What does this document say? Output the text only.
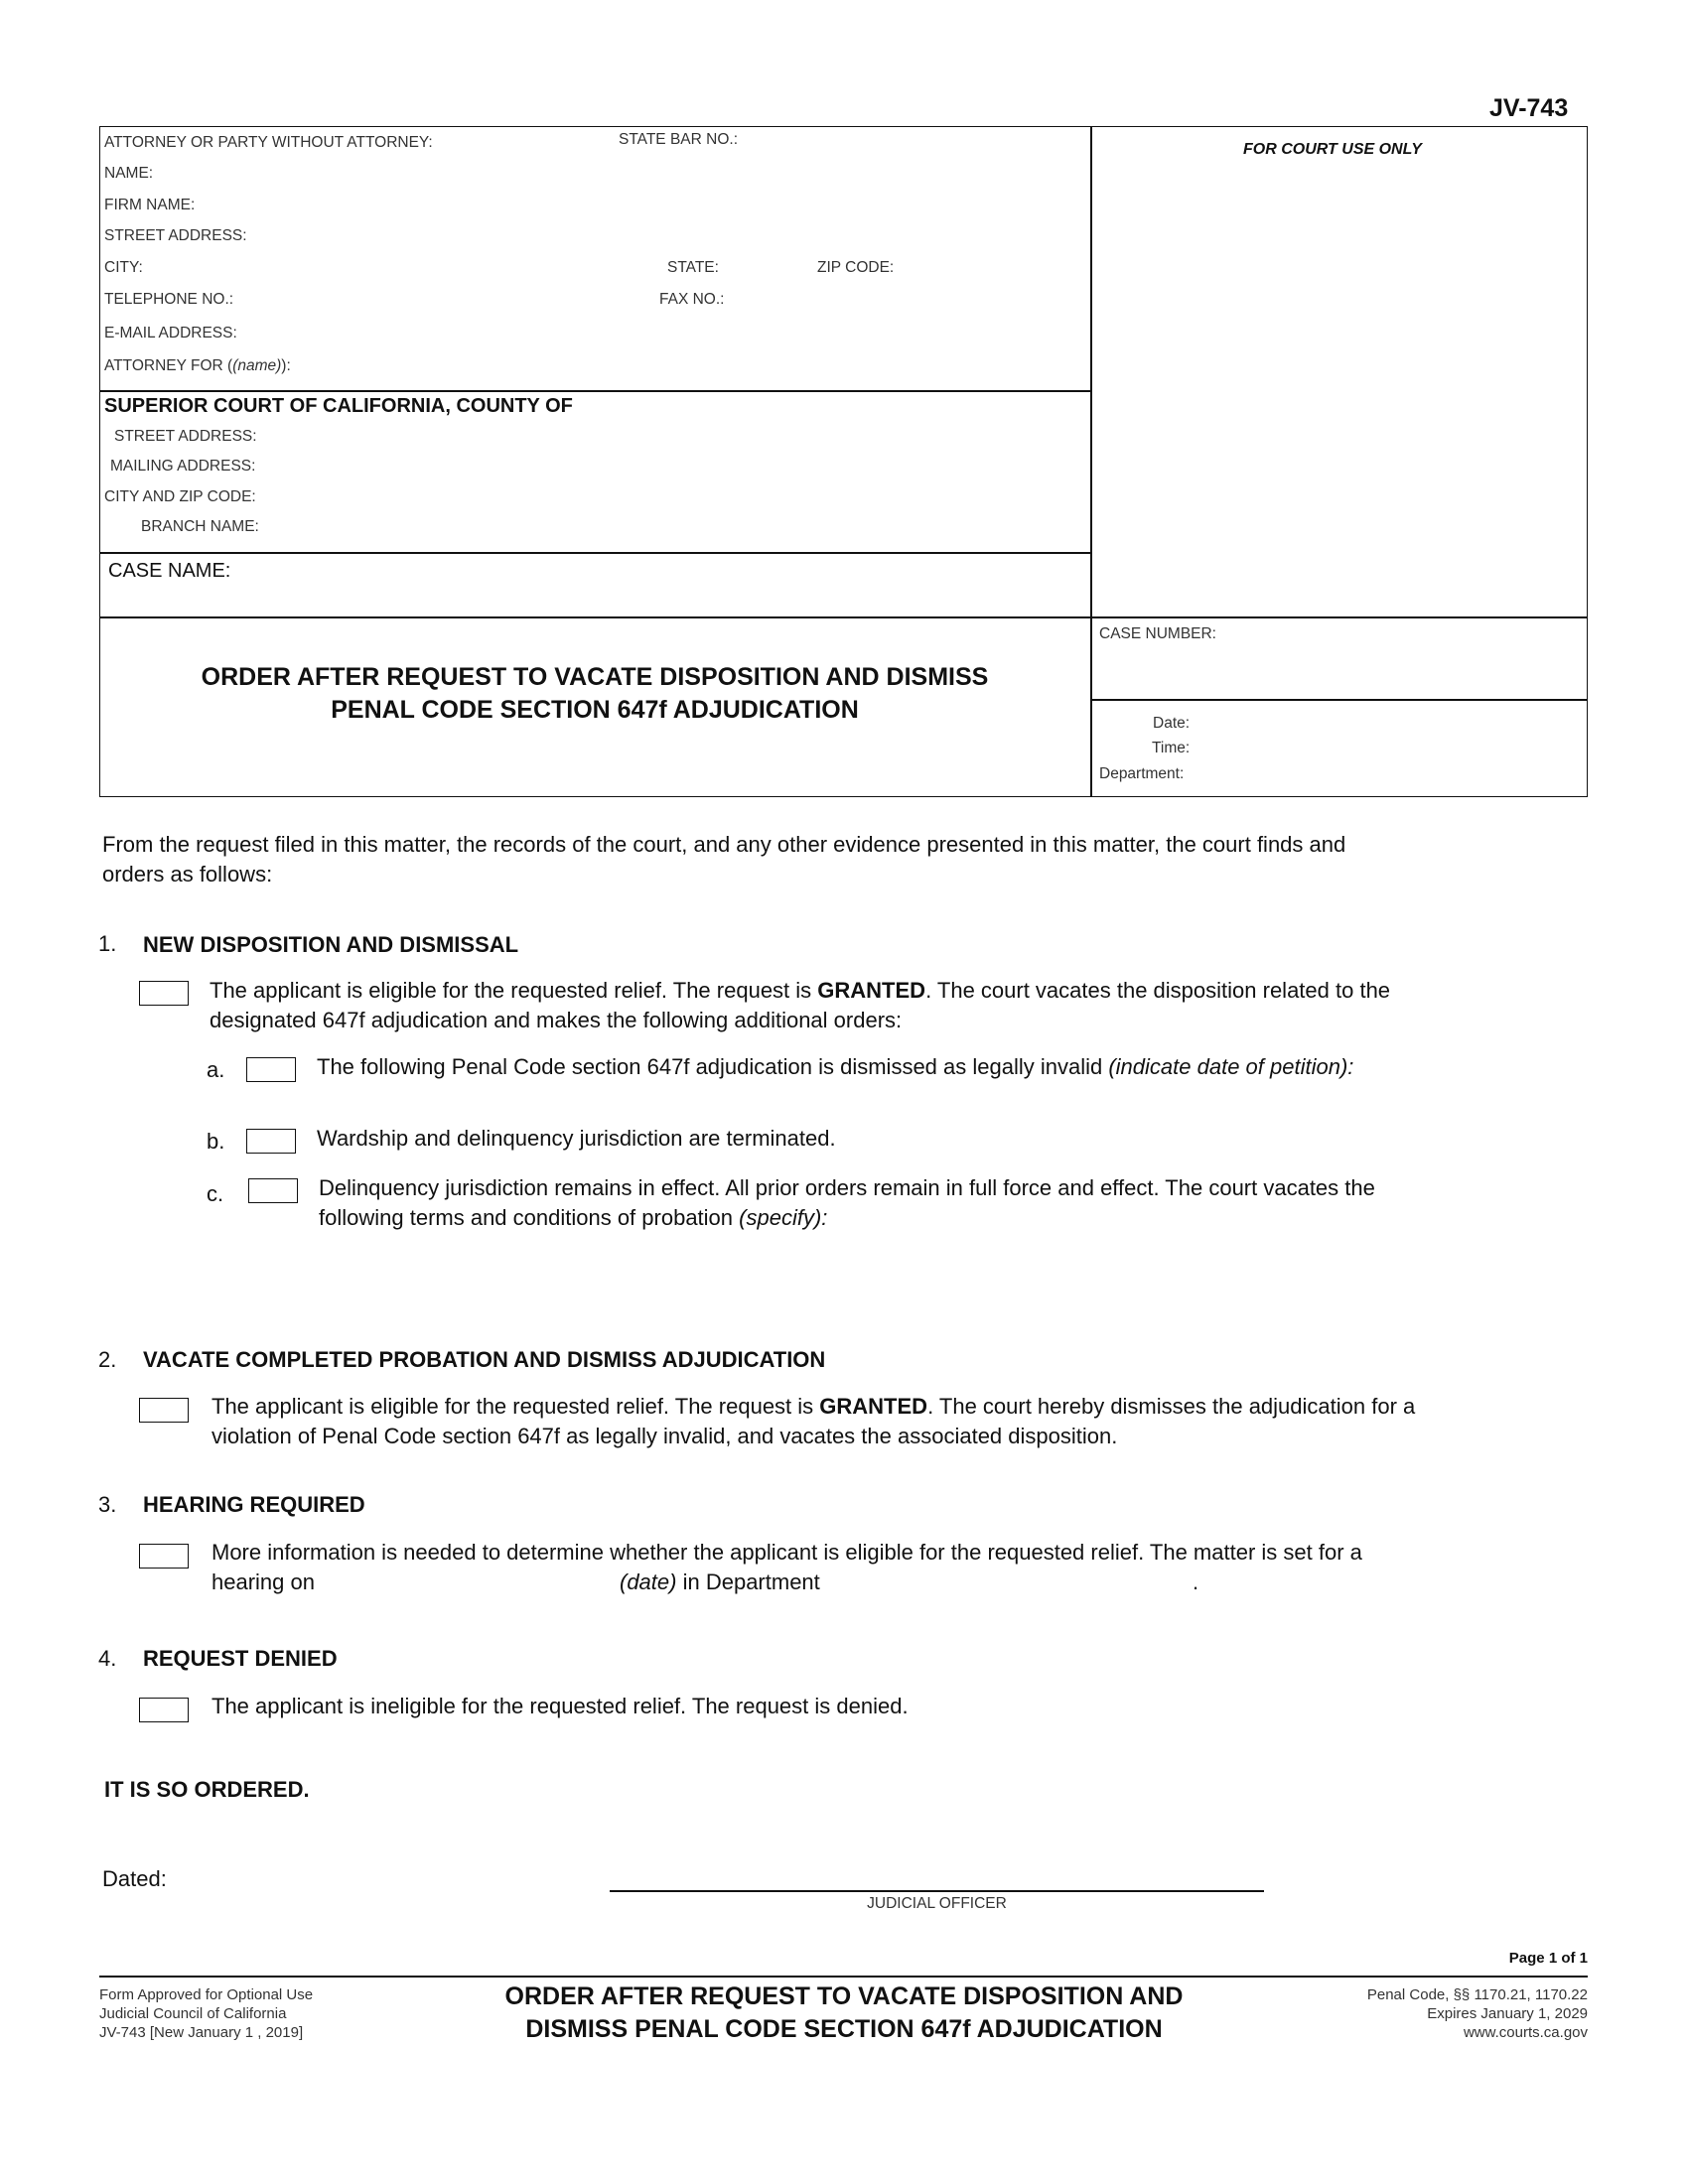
JV-743
ATTORNEY OR PARTY WITHOUT ATTORNEY:	STATE BAR NO.:
NAME:
FIRM NAME:
STREET ADDRESS:
CITY:	STATE:	ZIP CODE:
TELEPHONE NO.:	FAX NO.:
E-MAIL ADDRESS:
ATTORNEY FOR ((name)):
FOR COURT USE ONLY
SUPERIOR COURT OF CALIFORNIA, COUNTY OF
STREET ADDRESS:
MAILING ADDRESS:
CITY AND ZIP CODE:
BRANCH NAME:
CASE NAME:
CASE NUMBER:
Date:
Time:
Department:
ORDER AFTER REQUEST TO VACATE DISPOSITION AND DISMISS
PENAL CODE SECTION 647f ADJUDICATION
From the request filed in this matter, the records of the court, and any other evidence presented in this matter, the court finds and
orders as follows:
1. NEW DISPOSITION AND DISMISSAL
The applicant is eligible for the requested relief. The request is GRANTED. The court vacates the disposition related to the
designated 647f adjudication and makes the following additional orders:
a.	The following Penal Code section 647f adjudication is dismissed as legally invalid (indicate date of petition):
b.	Wardship and delinquency jurisdiction are terminated.
c.	Delinquency jurisdiction remains in effect. All prior orders remain in full force and effect. The court vacates the
following terms and conditions of probation (specify):
2. VACATE COMPLETED PROBATION AND DISMISS ADJUDICATION
The applicant is eligible for the requested relief. The request is GRANTED. The court hereby dismisses the adjudication for a
violation of Penal Code section 647f as legally invalid, and vacates the associated disposition.
3. HEARING REQUIRED
More information is needed to determine whether the applicant is eligible for the requested relief. The matter is set for a
hearing on	(date) in Department	.
4. REQUEST DENIED
The applicant is ineligible for the requested relief. The request is denied.
IT IS SO ORDERED.
Dated:
JUDICIAL OFFICER
Page 1 of 1
Form Approved for Optional Use
Judicial Council of California
JV-743 [New January 1 , 2019]
ORDER AFTER REQUEST TO VACATE DISPOSITION AND
DISMISS PENAL CODE SECTION 647f ADJUDICATION
Penal Code, §§ 1170.21, 1170.22
Expires January 1, 2029
www.courts.ca.gov
